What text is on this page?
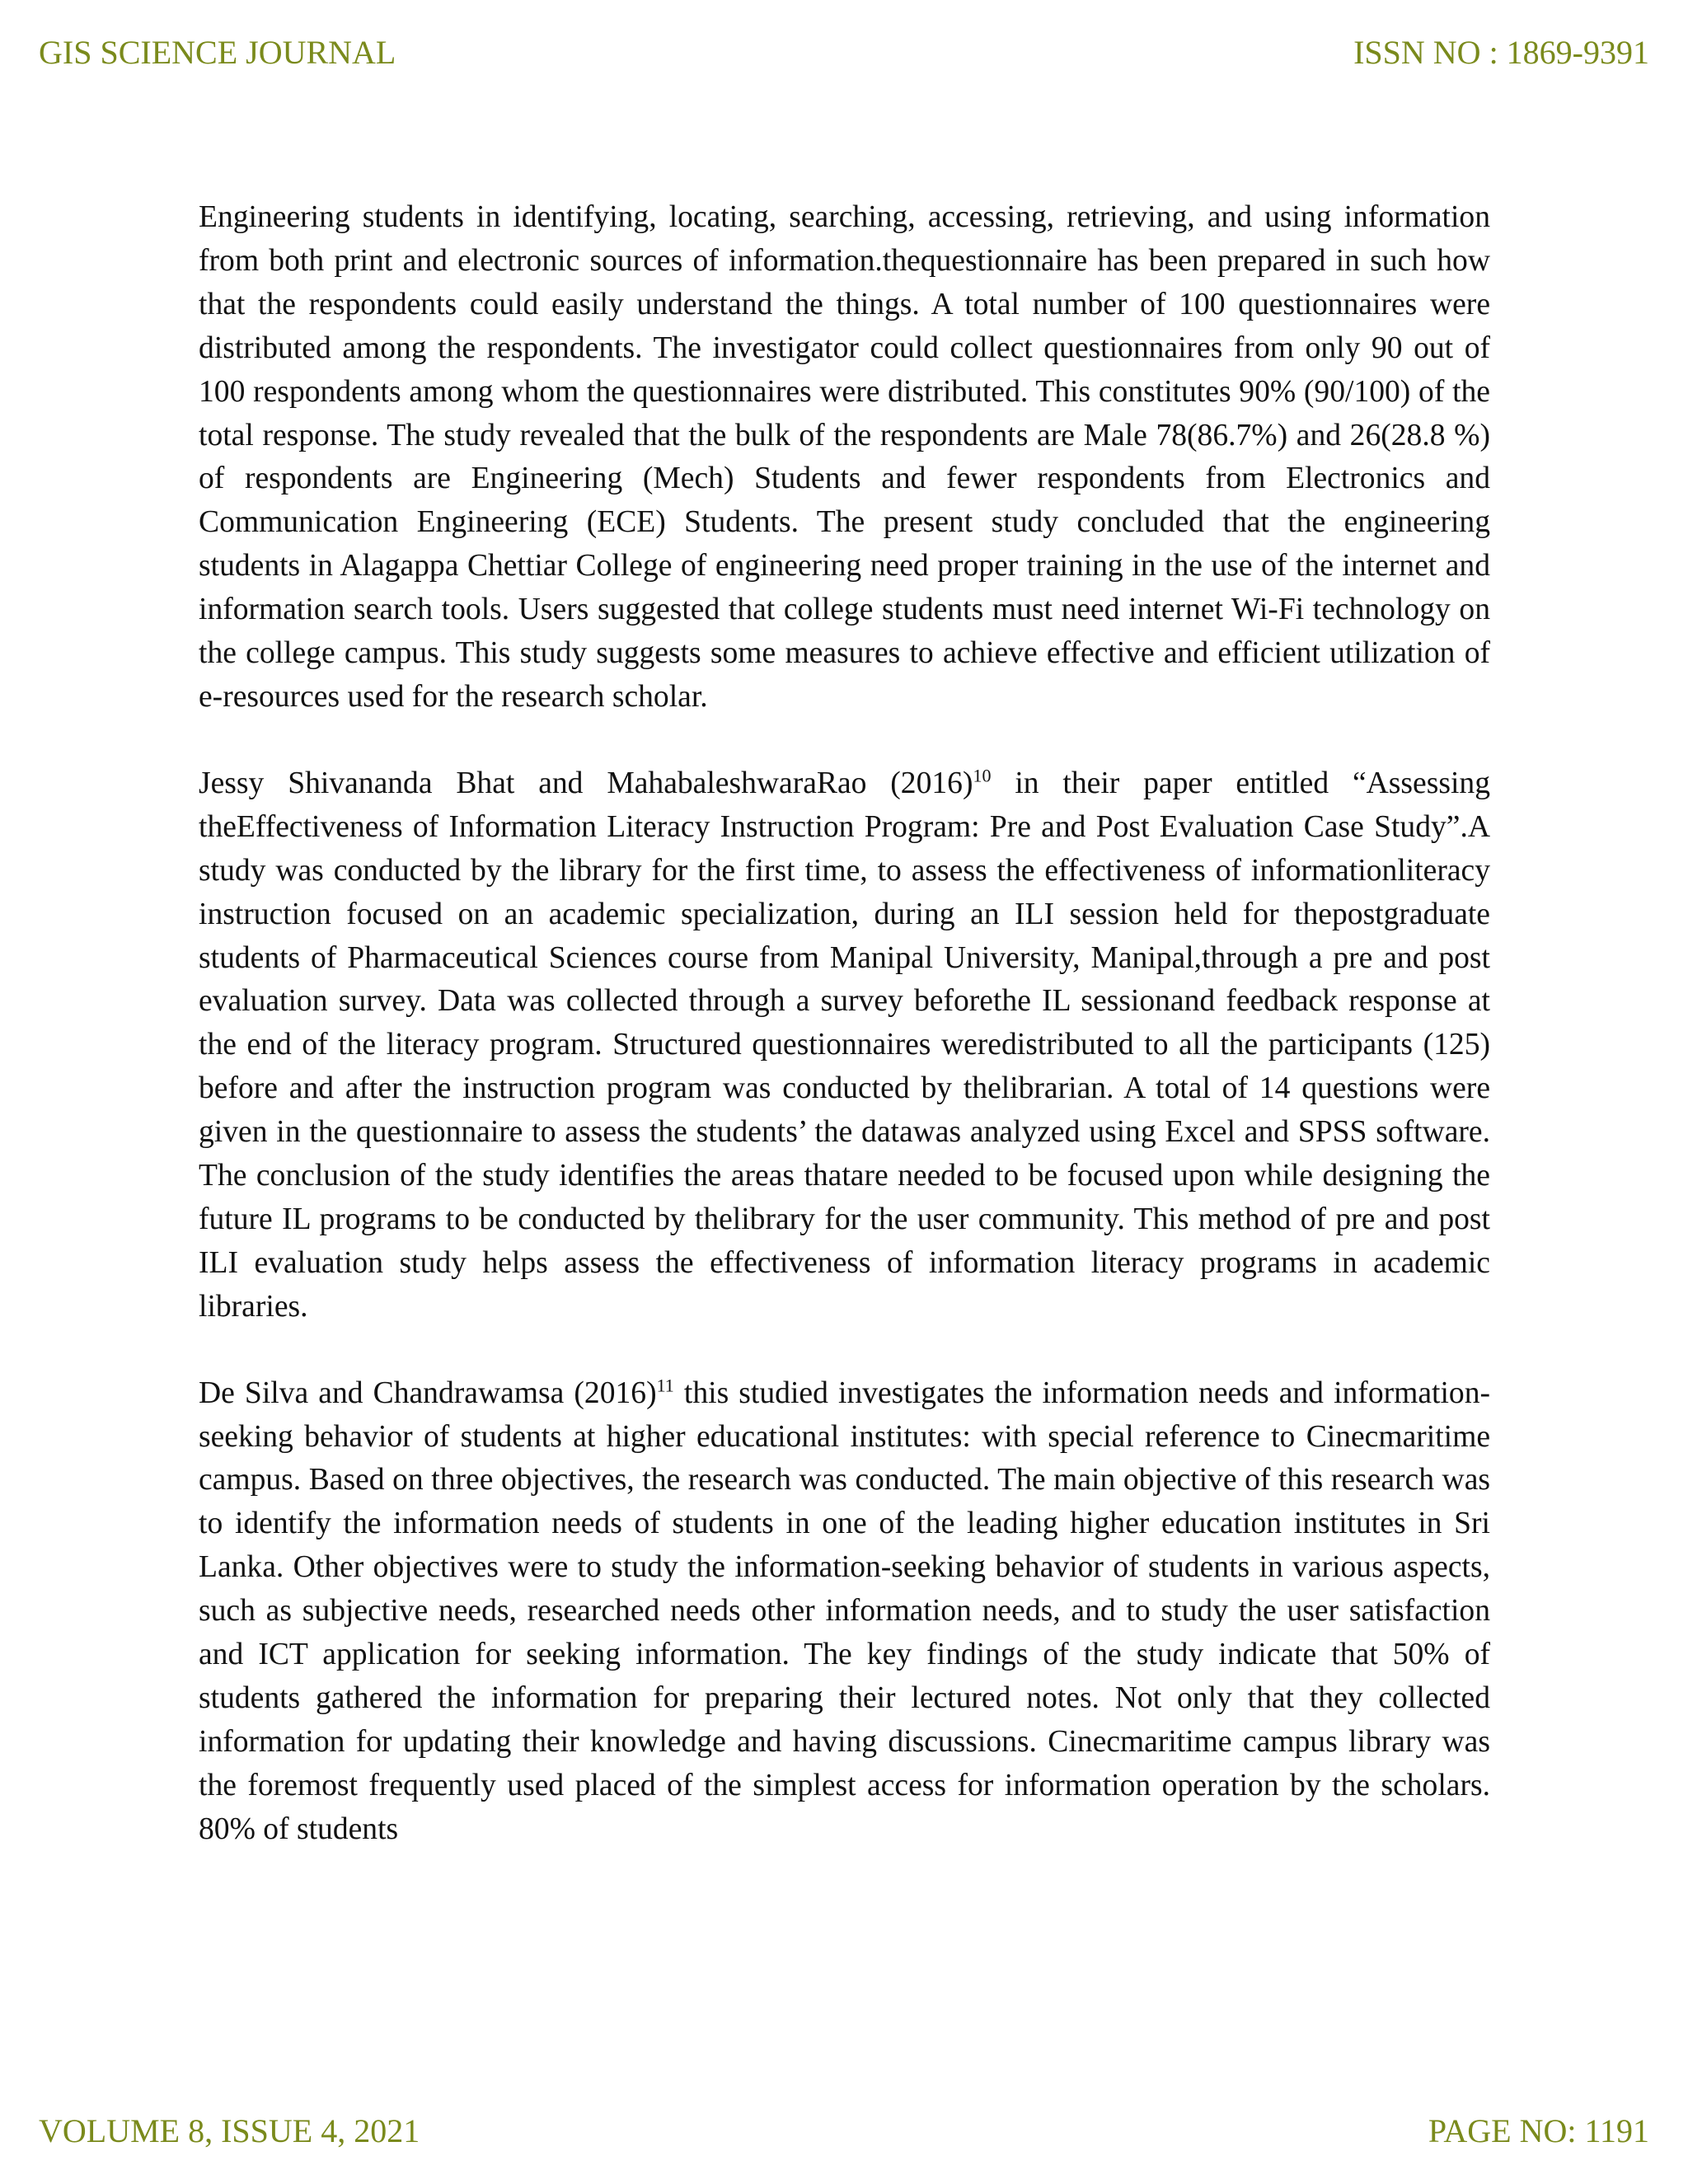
GIS SCIENCE JOURNAL	ISSN NO : 1869-9391

Engineering students in identifying, locating, searching, accessing, retrieving, and using information from both print and electronic sources of information.thequestionnaire has been prepared in such how that the respondents could easily understand the things. A total number of 100 questionnaires were distributed among the respondents. The investigator could collect questionnaires from only 90 out of 100 respondents among whom the questionnaires were distributed. This constitutes 90% (90/100) of the total response. The study revealed that the bulk of the respondents are Male 78(86.7%) and 26(28.8 %) of respondents are Engineering (Mech) Students and fewer respondents from Electronics and Communication Engineering (ECE) Students. The present study concluded that the engineering students in Alagappa Chettiar College of engineering need proper training in the use of the internet and information search tools. Users suggested that college students must need internet Wi-Fi technology on the college campus. This study suggests some measures to achieve effective and efficient utilization of e-resources used for the research scholar.

Jessy Shivananda Bhat and MahabaleshwaraRao $(2016)^{10}$ in their paper entitled “Assessing theEffectiveness of Information Literacy Instruction Program: Pre and Post Evaluation Case Study”.A study was conducted by the library for the first time, to assess the effectiveness of informationliteracy instruction focused on an academic specialization, during an ILI session held for thepostgraduate students of Pharmaceutical Sciences course from Manipal University, Manipal,through a pre and post evaluation survey. Data was collected through a survey beforethe IL sessionand feedback response at the end of the literacy program. Structured questionnaires weredistributed to all the participants (125) before and after the instruction program was conducted by thelibrarian. A total of 14 questions were given in the questionnaire to assess the students’ the datawas analyzed using Excel and SPSS software. The conclusion of the study identifies the areas thatare needed to be focused upon while designing the future IL programs to be conducted by thelibrary for the user community. This method of pre and post ILI evaluation study helps assess the effectiveness of information literacy programs in academic libraries.

De Silva and Chandrawamsa $(2016)^{11}$ this studied investigates the information needs and information-seeking behavior of students at higher educational institutes: with special reference to Cinecmaritime campus. Based on three objectives, the research was conducted. The main objective of this research was to identify the information needs of students in one of the leading higher education institutes in Sri Lanka. Other objectives were to study the information-seeking behavior of students in various aspects, such as subjective needs, researched needs other information needs, and to study the user satisfaction and ICT application for seeking information. The key findings of the study indicate that 50% of students gathered the information for preparing their lectured notes. Not only that they collected information for updating their knowledge and having discussions. Cinecmaritime campus library was the foremost frequently used placed of the simplest access for information operation by the scholars. 80% of students

VOLUME 8, ISSUE 4, 2021	PAGE NO: 1191
